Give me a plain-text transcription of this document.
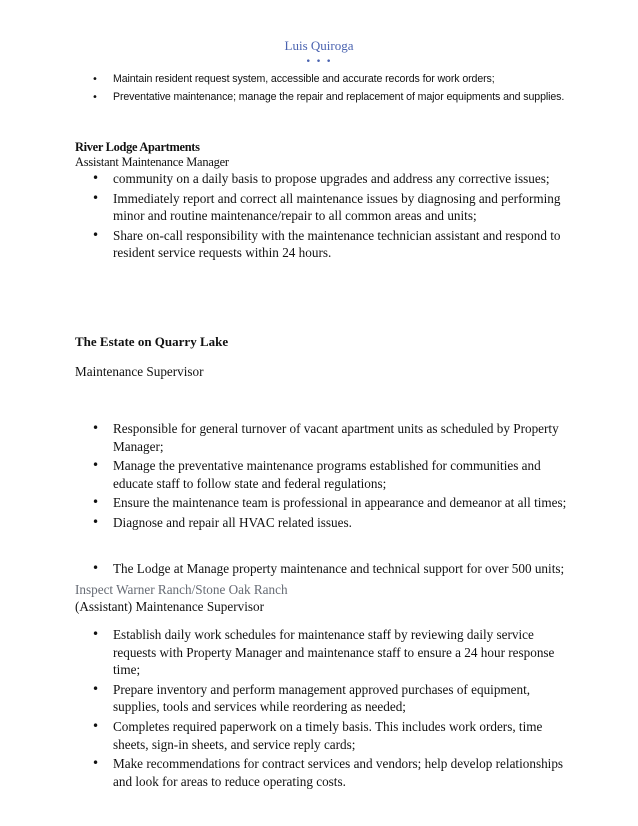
Luis Quiroga
• • •
• Maintain resident request system, accessible and accurate records for work orders;
• Preventative maintenance; manage the repair and replacement of major equipments and supplies.
River Lodge Apartments
Assistant Maintenance Manager
• community on a daily basis to propose upgrades and address any corrective issues;
• Immediately report and correct all maintenance issues by diagnosing and performing minor and routine maintenance/repair to all common areas and units;
• Share on-call responsibility with the maintenance technician assistant and respond to resident service requests within 24 hours.
The Estate on Quarry Lake
Maintenance Supervisor
• Responsible for general turnover of vacant apartment units as scheduled by Property Manager;
• Manage the preventative maintenance programs established for communities and educate staff to follow state and federal regulations;
• Ensure the maintenance team is professional in appearance and demeanor at all times;
• Diagnose and repair all HVAC related issues.
• The Lodge at Manage property maintenance and technical support for over 500 units;
Inspect Warner Ranch/Stone Oak Ranch
(Assistant) Maintenance Supervisor
• Establish daily work schedules for maintenance staff by reviewing daily service requests with Property Manager and maintenance staff to ensure a 24 hour response time;
• Prepare inventory and perform management approved purchases of equipment, supplies, tools and services while reordering as needed;
• Completes required paperwork on a timely basis. This includes work orders, time sheets, sign-in sheets, and service reply cards;
• Make recommendations for contract services and vendors; help develop relationships and look for areas to reduce operating costs.
